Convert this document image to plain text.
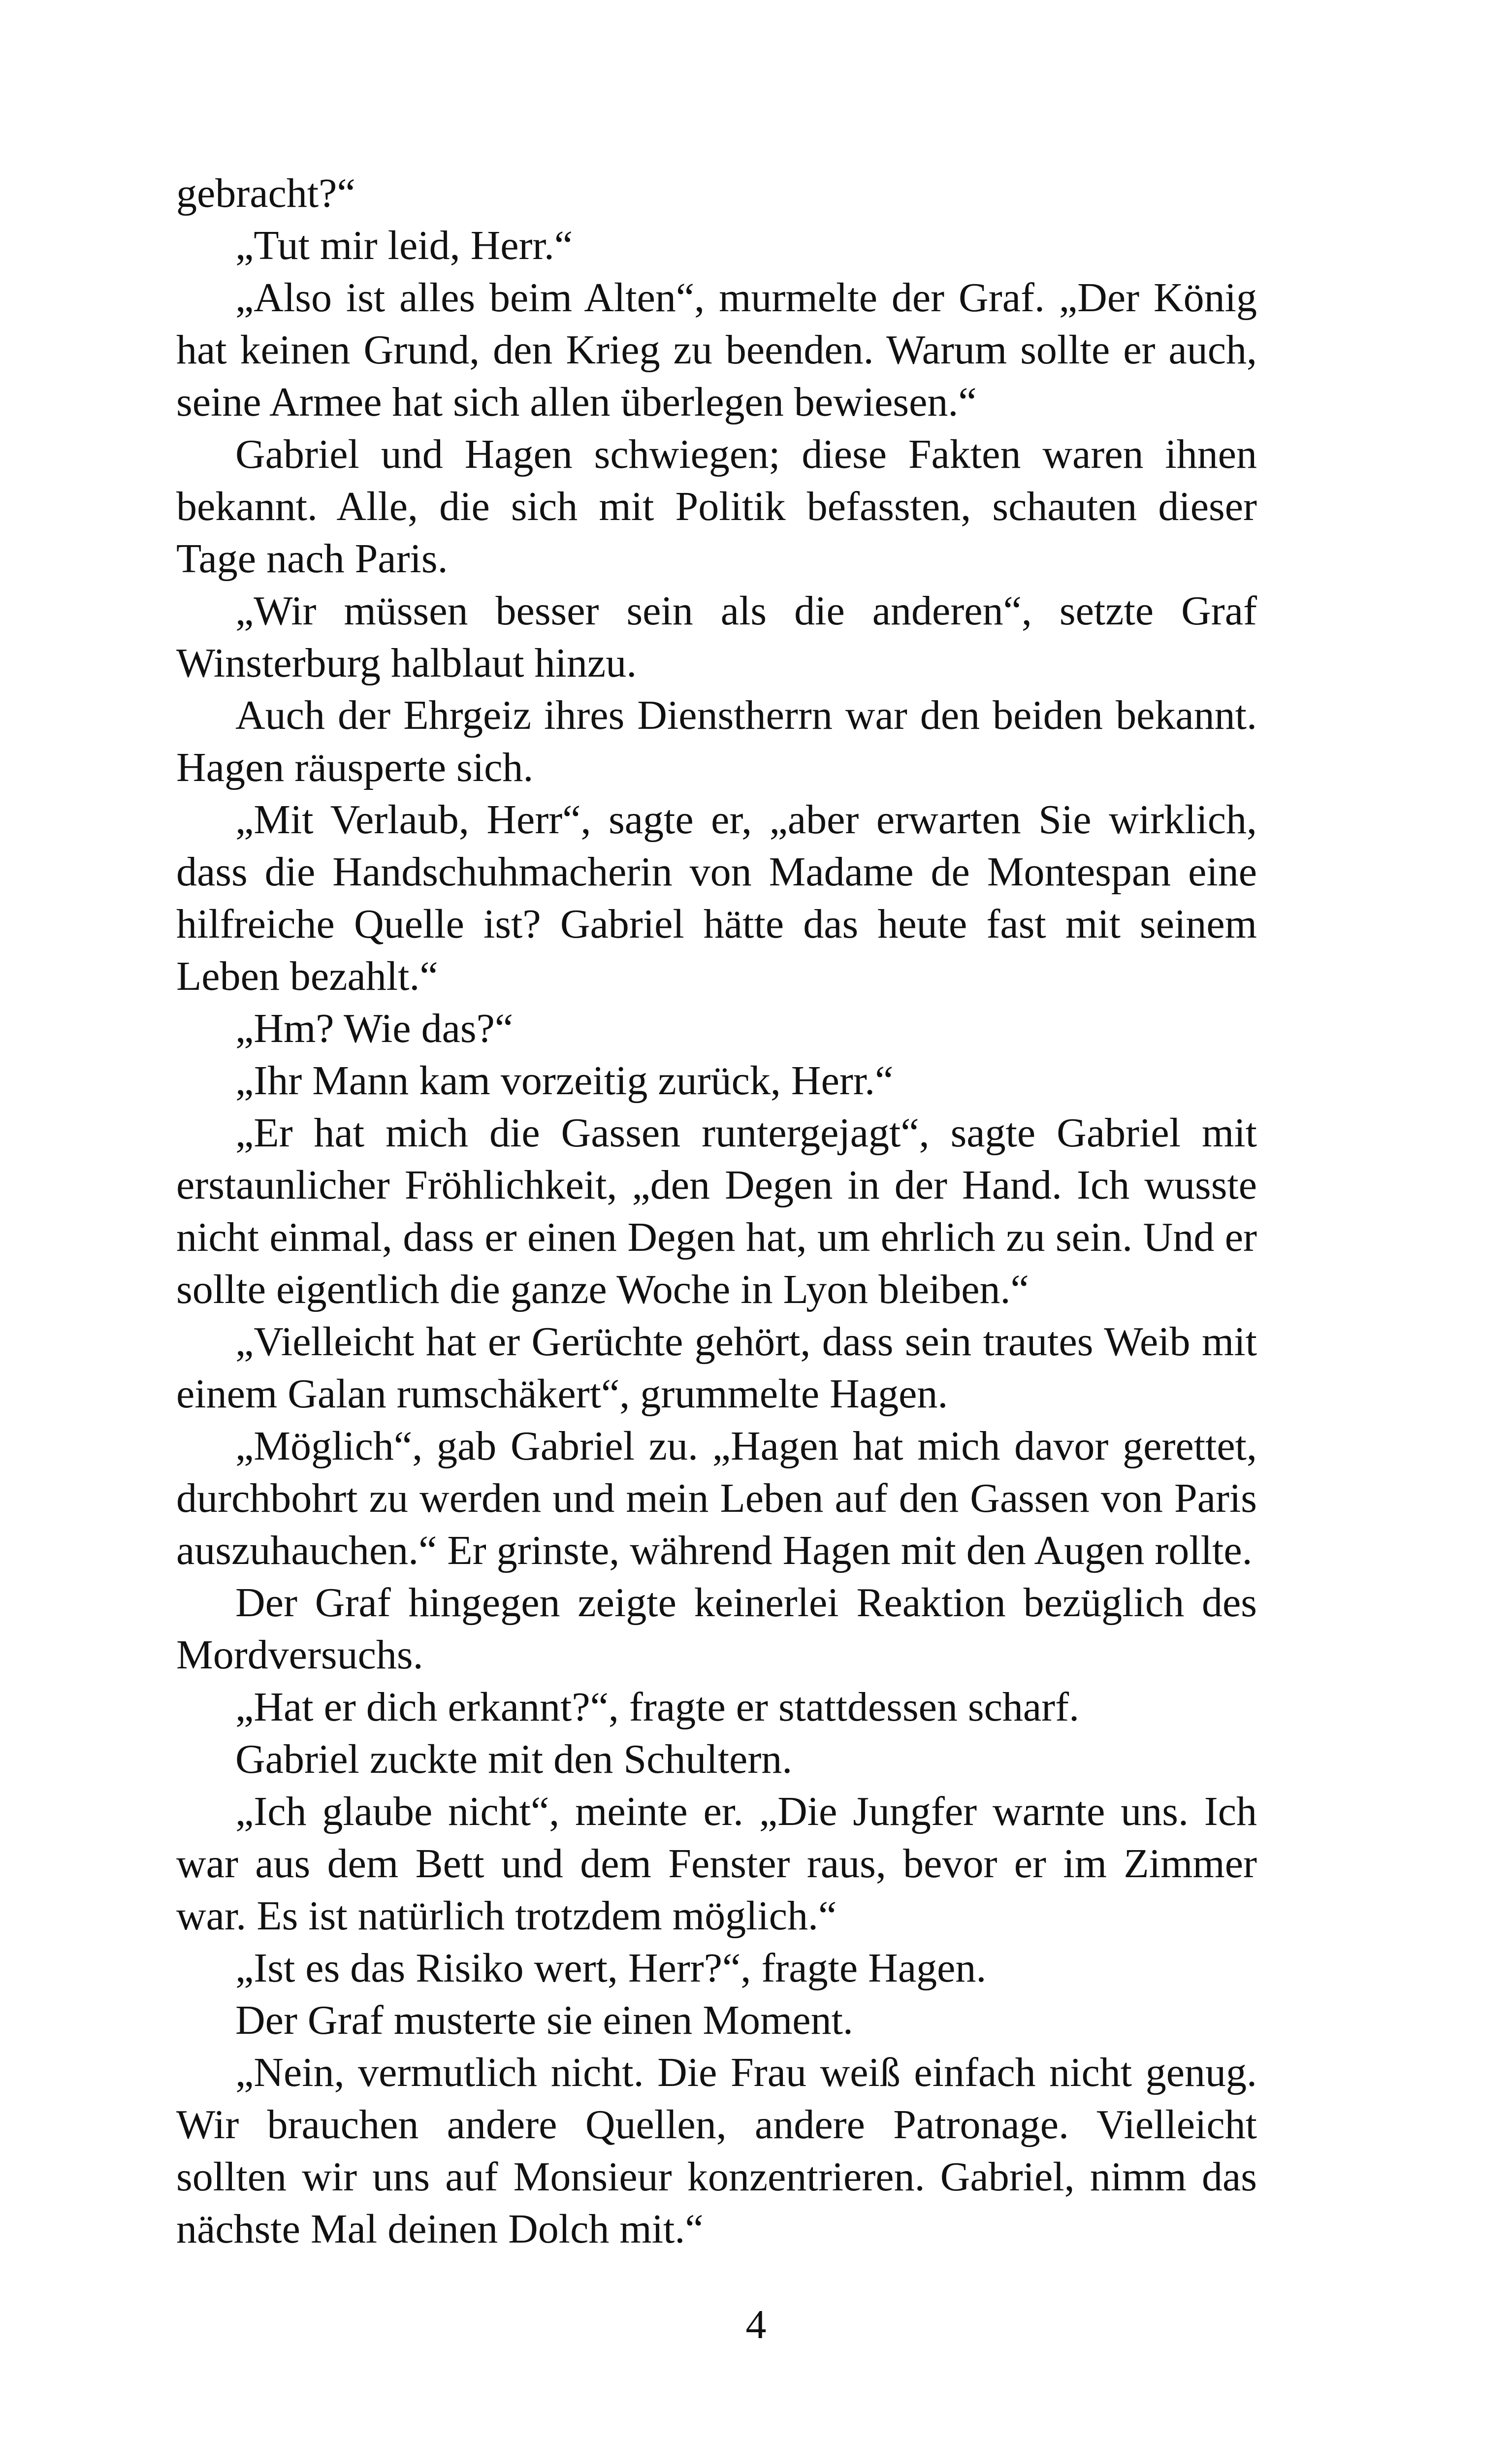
gebracht?“

„Tut mir leid, Herr.“

„Also ist alles beim Alten“, murmelte der Graf. „Der König hat keinen Grund, den Krieg zu beenden. Warum sollte er auch, seine Armee hat sich allen überlegen bewiesen.“

Gabriel und Hagen schwiegen; diese Fakten waren ihnen bekannt. Alle, die sich mit Politik befassten, schauten dieser Tage nach Paris.

„Wir müssen besser sein als die anderen“, setzte Graf Winsterburg halblaut hinzu.

Auch der Ehrgeiz ihres Dienstherrn war den beiden bekannt. Hagen räusperte sich.

„Mit Verlaub, Herr“, sagte er, „aber erwarten Sie wirklich, dass die Handschuhmacherin von Madame de Montespan eine hilfreiche Quelle ist? Gabriel hätte das heute fast mit seinem Leben bezahlt.“

„Hm? Wie das?“

„Ihr Mann kam vorzeitig zurück, Herr.“

„Er hat mich die Gassen runtergejagt“, sagte Gabriel mit erstaunlicher Fröhlichkeit, „den Degen in der Hand. Ich wusste nicht einmal, dass er einen Degen hat, um ehrlich zu sein. Und er sollte eigentlich die ganze Woche in Lyon bleiben.“

„Vielleicht hat er Gerüchte gehört, dass sein trautes Weib mit einem Galan rumschäkert“, grummelte Hagen.

„Möglich“, gab Gabriel zu. „Hagen hat mich davor gerettet, durchbohrt zu werden und mein Leben auf den Gassen von Paris auszuhauchen.“ Er grinste, während Hagen mit den Augen rollte.

Der Graf hingegen zeigte keinerlei Reaktion bezüglich des Mordversuchs.

„Hat er dich erkannt?“, fragte er stattdessen scharf.

Gabriel zuckte mit den Schultern.

„Ich glaube nicht“, meinte er. „Die Jungfer warnte uns. Ich war aus dem Bett und dem Fenster raus, bevor er im Zimmer war. Es ist natürlich trotzdem möglich.“

„Ist es das Risiko wert, Herr?“, fragte Hagen.

Der Graf musterte sie einen Moment.

„Nein, vermutlich nicht. Die Frau weiß einfach nicht genug. Wir brauchen andere Quellen, andere Patronage. Vielleicht sollten wir uns auf Monsieur konzentrieren. Gabriel, nimm das nächste Mal deinen Dolch mit.“

4
